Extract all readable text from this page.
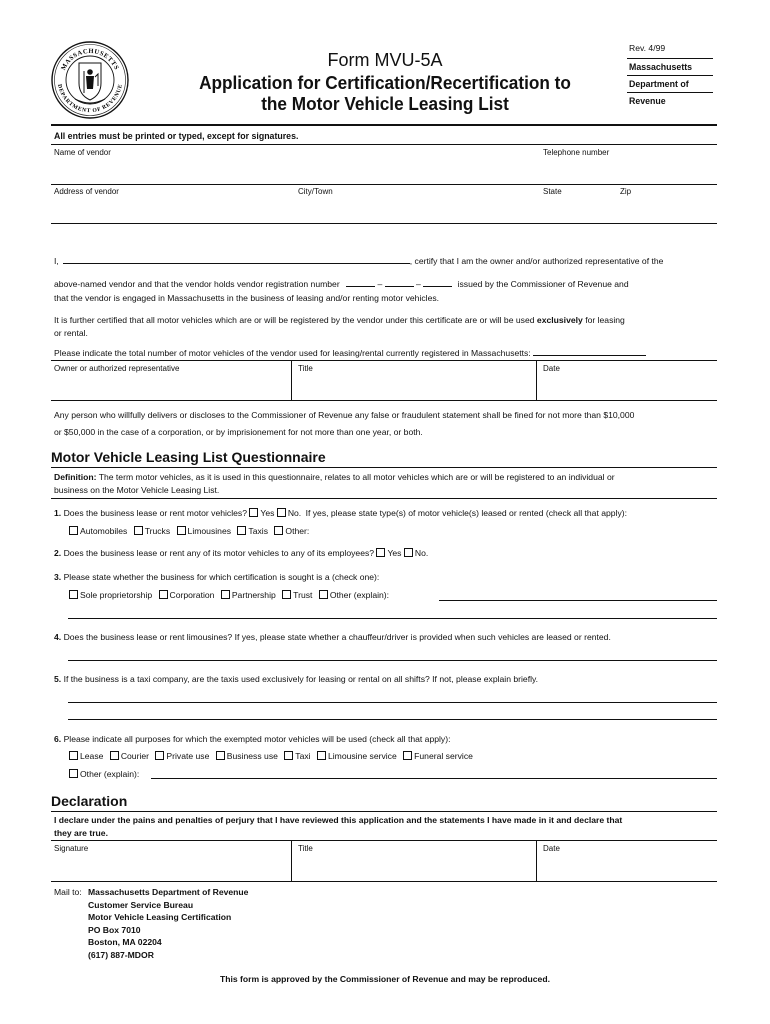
MASSACHUSETTS
DEPARTMENT OF REVENUE
Form MVU-5A
Application for Certification/Recertification to
the Motor Vehicle Leasing List
Rev. 4/99
Massachusetts
Department of
Revenue
All entries must be printed or typed, except for signatures.
Name of vendor	Telephone number
Address of vendor	City/Town	State	Zip
I,	, certify that I am the owner and/or authorized representative of the
above-named vendor and that the vendor holds vendor registration number	–	–	issued by the Commissioner of Revenue and
that the vendor is engaged in Massachusetts in the business of leasing and/or renting motor vehicles.
It is further certified that all motor vehicles which are or will be registered by the vendor under this certificate are or will be used exclusively for leasing
or rental.
Please indicate the total number of motor vehicles of the vendor used for leasing/rental currently registered in Massachusetts:
Owner or authorized representative	Title	Date
Any person who willfully delivers or discloses to the Commissioner of Revenue any false or fraudulent statement shall be fined for not more than $10,000
or $50,000 in the case of a corporation, or by imprisionement for not more than one year, or both.
Motor Vehicle Leasing List Questionnaire
Definition: The term motor vehicles, as it is used in this questionnaire, relates to all motor vehicles which are or will be registered to an individual or
business on the Motor Vehicle Leasing List.
1. Does the business lease or rent motor vehicles? Yes No. If yes, please state type(s) of motor vehicle(s) leased or rented (check all that apply):
Automobiles Trucks Limousines Taxis Other:
2. Does the business lease or rent any of its motor vehicles to any of its employees? Yes No.
3. Please state whether the business for which certification is sought is a (check one):
Sole proprietorship Corporation Partnership Trust Other (explain):
4. Does the business lease or rent limousines? If yes, please state whether a chauffeur/driver is provided when such vehicles are leased or rented.
5. If the business is a taxi company, are the taxis used exclusively for leasing or rental on all shifts? If not, please explain briefly.
6. Please indicate all purposes for which the exempted motor vehicles will be used (check all that apply):
Lease Courier Private use Business use Taxi Limousine service Funeral service
Other (explain):
Declaration
I declare under the pains and penalties of perjury that I have reviewed this application and the statements I have made in it and declare that
they are true.
Signature	Title	Date
Mail to: Massachusetts Department of Revenue
Customer Service Bureau
Motor Vehicle Leasing Certification
PO Box 7010
Boston, MA 02204
(617) 887-MDOR
This form is approved by the Commissioner of Revenue and may be reproduced.
